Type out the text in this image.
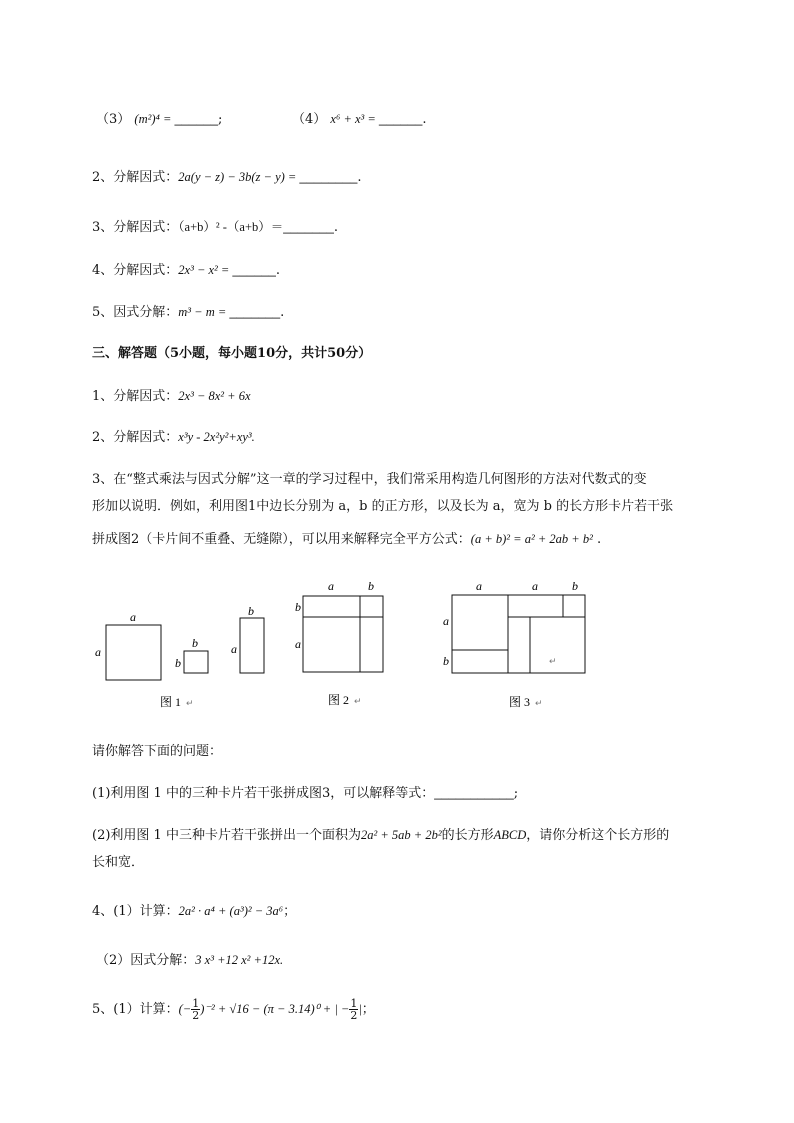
（3） (m²)⁴ = ______;	（4） x⁶ + x³ = ______.
2、分解因式：2a(y − z) − 3b(z − y) = ________.
3、分解因式：（a+b）² -（a+b）＝_______.
4、分解因式：2x³ − x² = ______.
5、因式分解：m³ − m = _______.
三、解答题（5小题，每小题10分，共计50分）
1、分解因式：2x³ − 8x² + 6x
2、分解因式：x³y - 2x²y²+xy³.
3、在“整式乘法与因式分解”这一章的学习过程中，我们常采用构造几何图形的方法对代数式的变
形加以说明．例如，利用图1中边长分别为 a，b 的正方形，以及长为 a，宽为 b 的长方形卡片若干张
拼成图2（卡片间不重叠、无缝隙），可以用来解释完全平方公式：(a + b)² = a² + 2ab + b² .
a
a
b
b
b
a
图 1 ↵
a	b
b
a
图 2 ↵
a	a	b
a
b	↵
图 3 ↵
请你解答下面的问题：
(1)利用图 1 中的三种卡片若干张拼成图3，可以解释等式：___________;
(2)利用图 1 中三种卡片若干张拼出一个面积为2a² + 5ab + 2b²的长方形ABCD，请你分析这个长方形的
长和宽．
4、(1）计算：2a² · a⁴ + (a³)² − 3a⁶；
（2）因式分解：3 x³ +12 x² +12x.
5、(1）计算：(− $\frac{1}{2} )^{-2} + √16 - (\pi - 3.14)^0$ + | − $\frac{1}{2}$ |；
